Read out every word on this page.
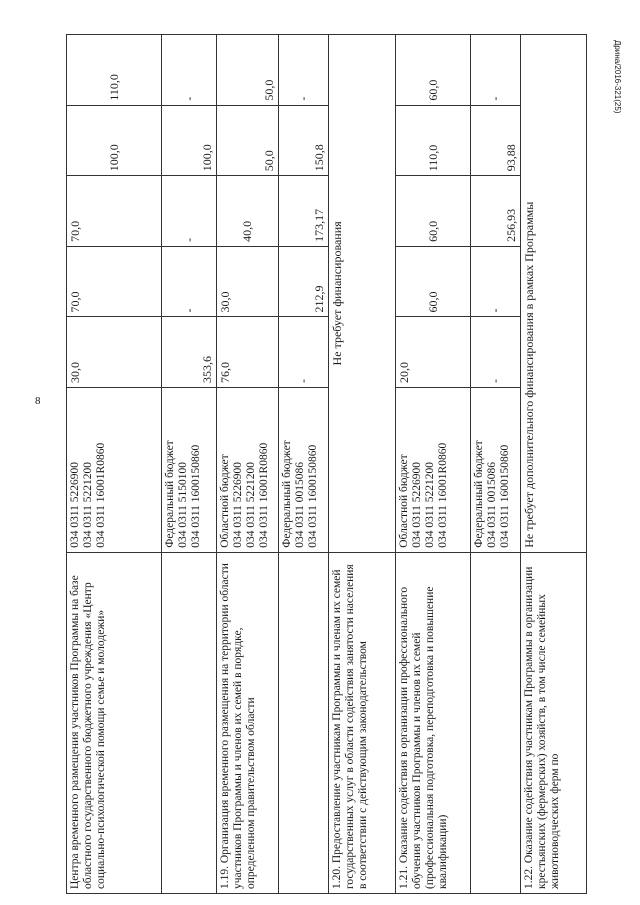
8
Дрина/2016-321(25)
Центра временного размещения участников Программы на базе областного государственного бюджетного учреждения «Центр социально-психологической помощи семье и молодежи»	034 0311 5226900 034 0311 5221200 034 0311 16001R0860	30,0	70,0	70,0	100,0	110,0

	Федеральный бюджет 034 0311 5150100 034 0311 1600150860	353,6	-	-	100,0	-
1.19. Организация временного размещения на территории области участников Программы и членов их семей в порядке, определенном правительством области	Областной бюджет 034 0311 5226900 034 0311 5221200 034 0311 16001R0860	76,0	30,0	40,0	50,0	50,0

	Федеральный бюджет 034 0311 0015086 034 0311 1600150860	-	212,9	173,17	150,8	-
1.20. Предоставление участникам Программы и членам их семей государственных услуг в области содействия занятости населения в соответствии с действующим законодательством	Не требует финансирования					
1.21. Оказание содействия в организации профессионального обучения участников Программы и членов их семей (профессиональная подготовка, переподготовка и повышение квалификации)	Областной бюджет 034 0311 5226900 034 0311 5221200 034 0311 16001R0860	20,0	60,0	60,0	110,0	60,0

	Федеральный бюджет 034 0311 0015086 034 0311 1600150860	-	-	256,93	93,88	-
1.22. Оказание содействия участникам Программы в организации крестьянских (фермерских) хозяйств, в том числе семейных животноводческих ферм по	Не требует дополнительного финансирования в рамках Программы					
